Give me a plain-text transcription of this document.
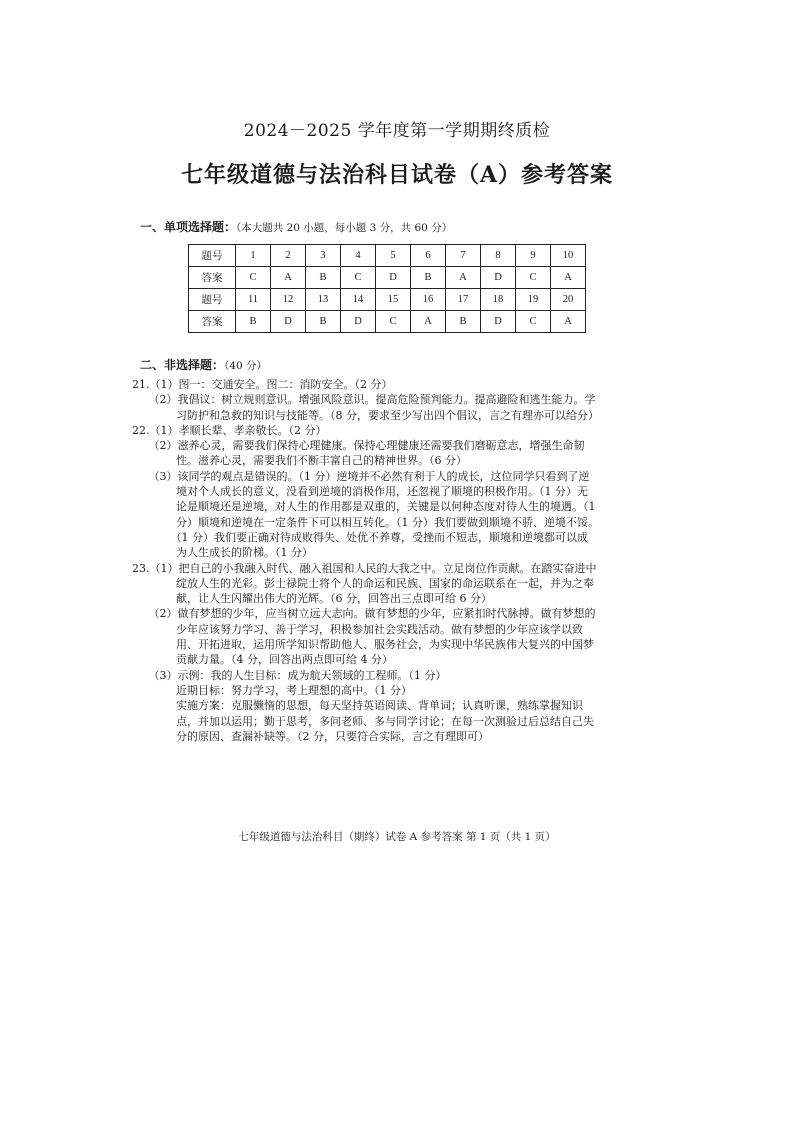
2024－2025 学年度第一学期期终质检
七年级道德与法治科目试卷（A）参考答案
一、单项选择题：（本大题共 20 小题，每小题 3 分，共 60 分）
题号	1	2	3	4	5	6	7	8	9	10
答案	C	A	B	C	D	B	A	D	C	A
题号	11	12	13	14	15	16	17	18	19	20
答案	B	D	B	D	C	A	B	D	C	A
二、非选择题：（40 分）
21.（1）图一：交通安全。图二：消防安全。（2 分）
　　（2）我倡议：树立规则意识。增强风险意识。提高危险预判能力。提高避险和逃生能力。学
　　　　习防护和急救的知识与技能等。（8 分，要求至少写出四个倡议，言之有理亦可以给分）
22.（1）孝顺长辈、孝亲敬长。（2 分）
　　（2）滋养心灵，需要我们保持心理健康。保持心理健康还需要我们磨砺意志，增强生命韧
　　　　性。滋养心灵，需要我们不断丰富自己的精神世界。（6 分）
　　（3）该同学的观点是错误的。（1 分）逆境并不必然有利于人的成长，这位同学只看到了逆
　　　　境对个人成长的意义，没看到逆境的消极作用，还忽视了顺境的积极作用。（1 分）无
　　　　论是顺境还是逆境，对人生的作用都是双重的，关键是以何种态度对待人生的境遇。（1
　　　　分）顺境和逆境在一定条件下可以相互转化。（1 分）我们要做到顺境不骄、逆境不馁。
　　　　（1 分）我们要正确对待成败得失、处优不养尊，受挫而不短志，顺境和逆境都可以成
　　　　为人生成长的阶梯。（1 分）
23.（1）把自己的小我融入时代、融入祖国和人民的大我之中。立足岗位作贡献。在踏实奋进中
　　　　绽放人生的光彩。彭士禄院士将个人的命运和民族、国家的命运联系在一起，并为之奉
　　　　献，让人生闪耀出伟大的光辉。（6 分，回答出三点即可给 6 分）
　　（2）做有梦想的少年，应当树立远大志向。做有梦想的少年，应紧扣时代脉搏。做有梦想的
　　　　少年应该努力学习、善于学习，积极参加社会实践活动。做有梦想的少年应该学以致
　　　　用、开拓进取，运用所学知识帮助他人、服务社会，为实现中华民族伟大复兴的中国梦
　　　　贡献力量。（4 分，回答出两点即可给 4 分）
　　（3）示例：我的人生目标：成为航天领域的工程师。（1 分）
　　　　近期目标：努力学习，考上理想的高中。（1 分）
　　　　实施方案：克服懒惰的思想，每天坚持英语阅读、背单词；认真听课，熟练掌握知识
　　　　点，并加以运用；勤于思考，多问老师、多与同学讨论；在每一次测验过后总结自己失
　　　　分的原因、查漏补缺等。（2 分，只要符合实际，言之有理即可）
七年级道德与法治科目（期终）试卷 A 参考答案 第 1 页（共 1 页）
